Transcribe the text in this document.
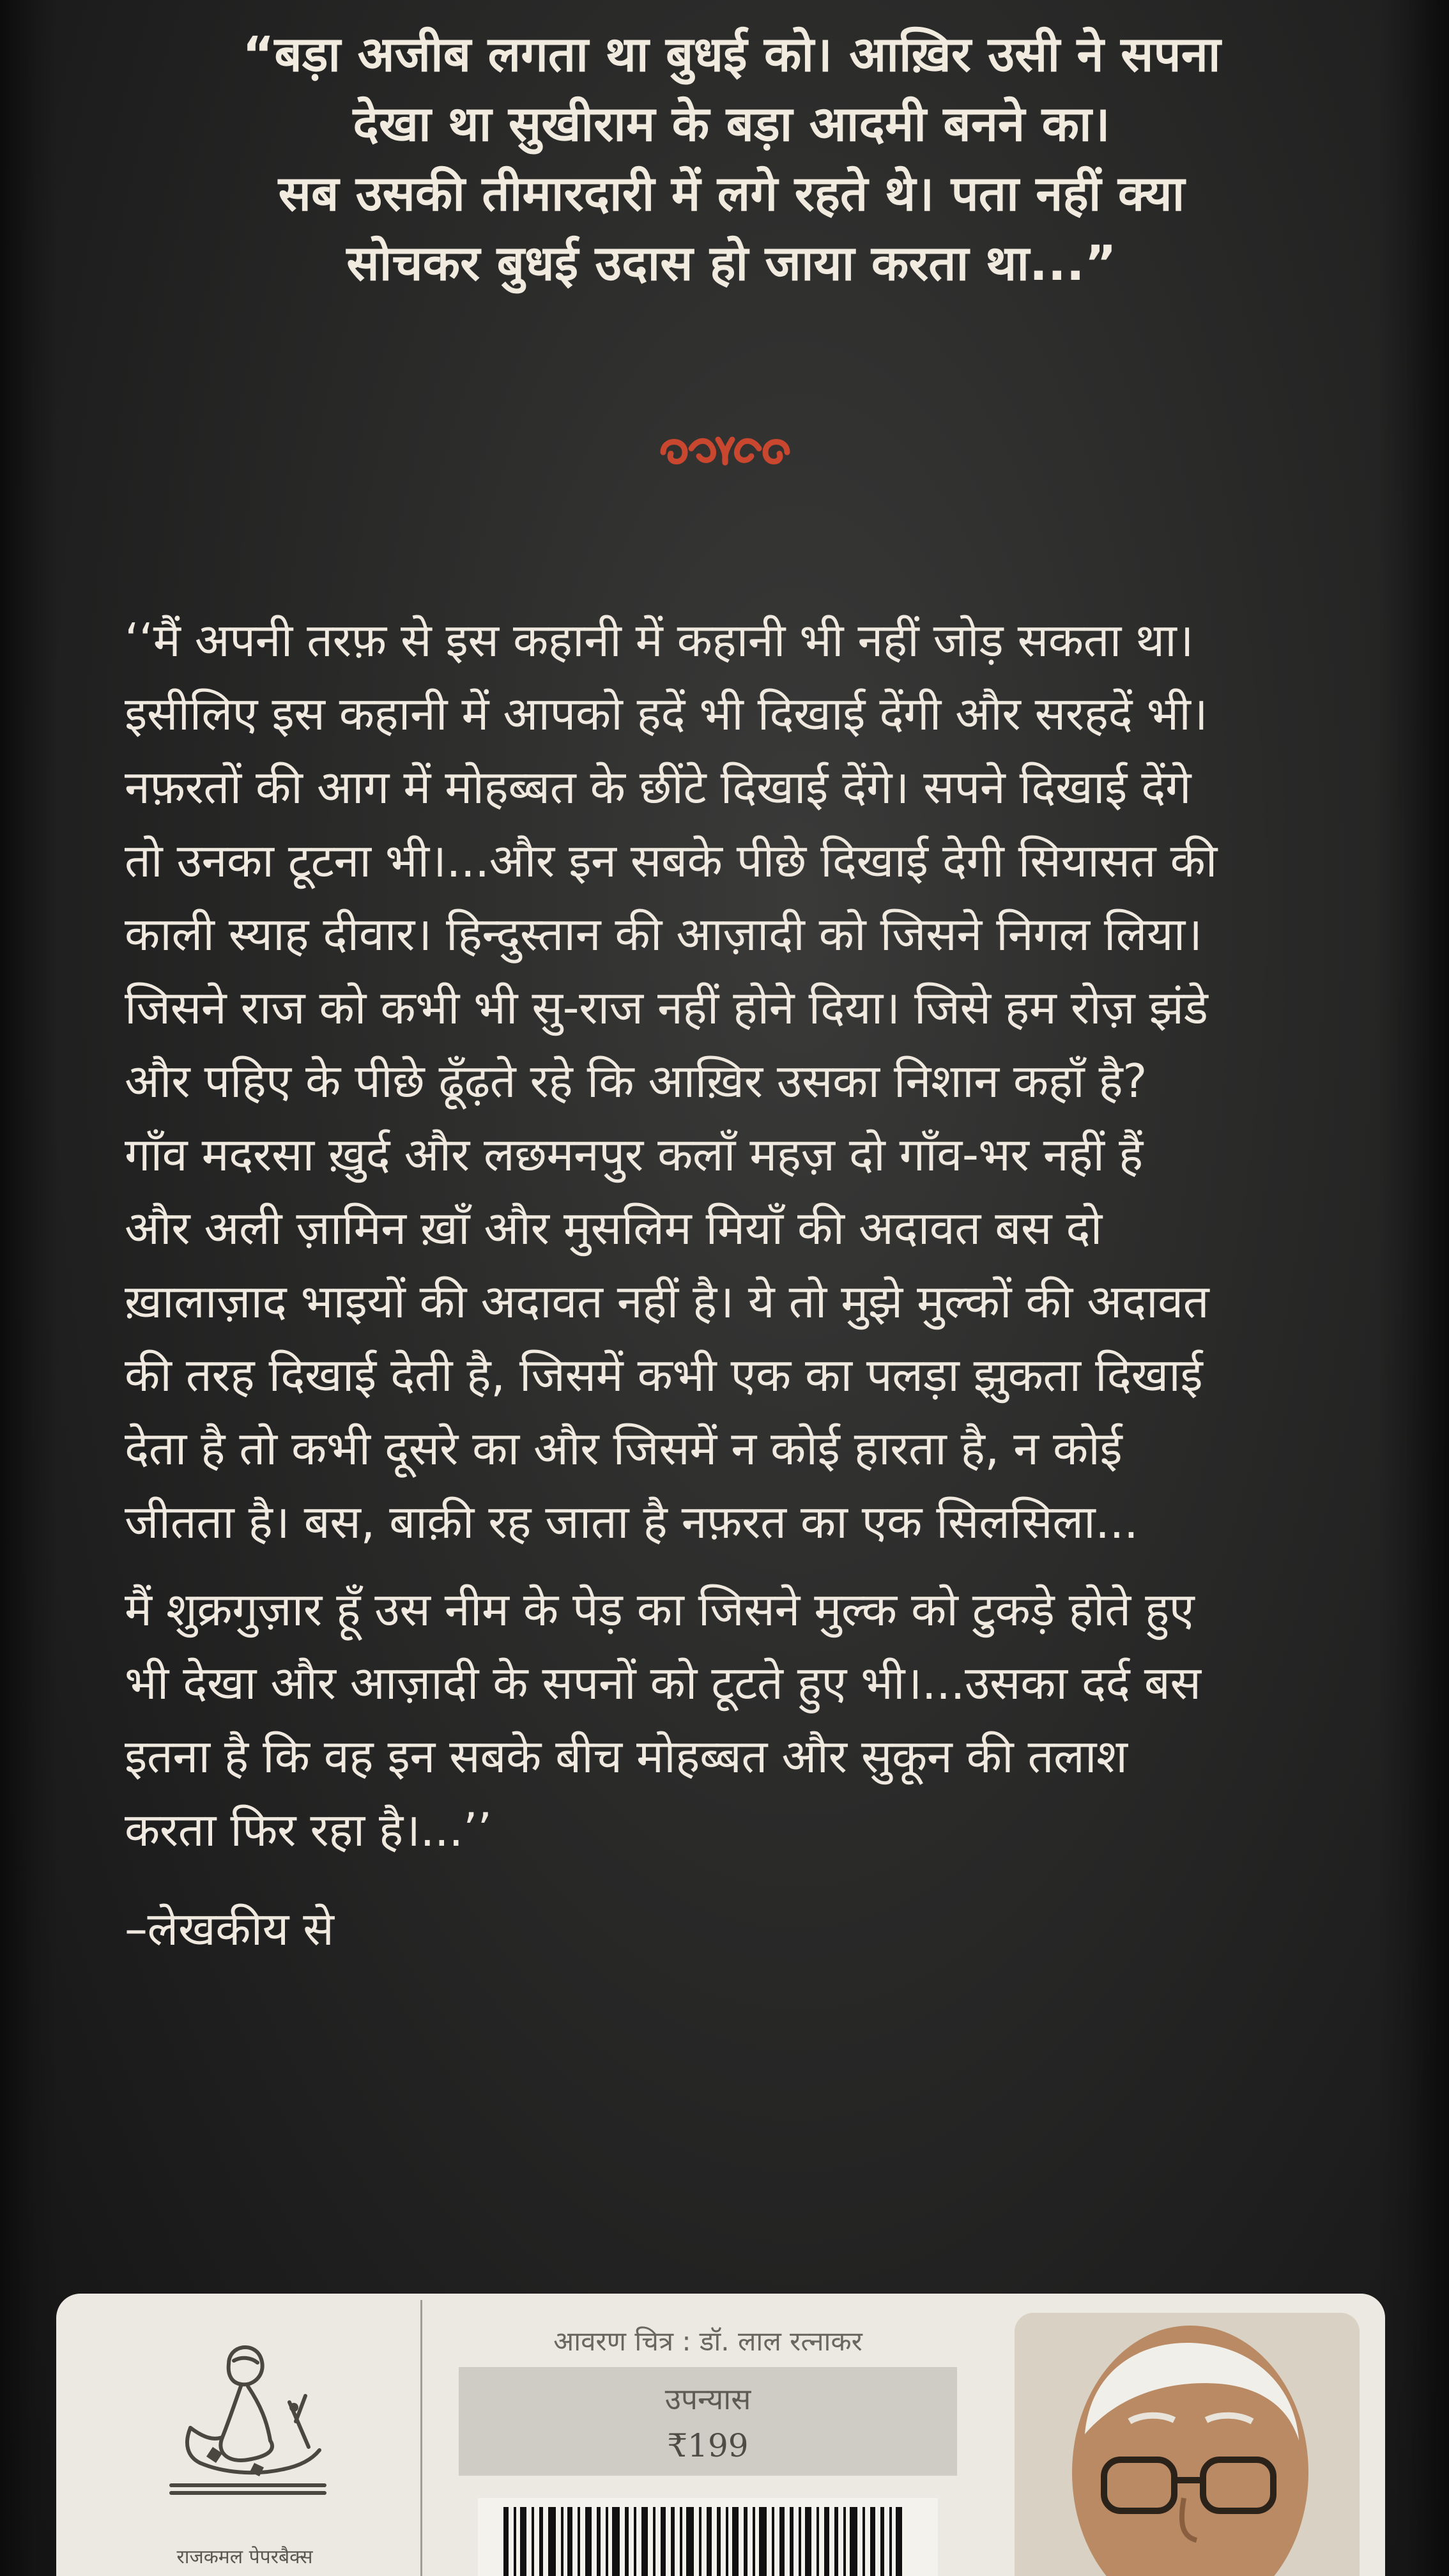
“बड़ा अजीब लगता था बुधई को। आख़िर उसी ने सपना
देखा था सुखीराम के बड़ा आदमी बनने का।
सब उसकी तीमारदारी में लगे रहते थे। पता नहीं क्या
सोचकर बुधई उदास हो जाया करता था...”
‘‘मैं अपनी तरफ़ से इस कहानी में कहानी भी नहीं जोड़ सकता था।
इसीलिए इस कहानी में आपको हदें भी दिखाई देंगी और सरहदें भी।
नफ़रतों की आग में मोहब्बत के छींटे दिखाई देंगे। सपने दिखाई देंगे
तो उनका टूटना भी।...और इन सबके पीछे दिखाई देगी सियासत की
काली स्याह दीवार। हिन्दुस्तान की आज़ादी को जिसने निगल लिया।
जिसने राज को कभी भी सु-राज नहीं होने दिया। जिसे हम रोज़ झंडे
और पहिए के पीछे ढूँढ़ते रहे कि आख़िर उसका निशान कहाँ है?
गाँव मदरसा ख़ुर्द और लछमनपुर कलाँ महज़ दो गाँव-भर नहीं हैं
और अली ज़ामिन ख़ाँ और मुसलिम मियाँ की अदावत बस दो
ख़ालाज़ाद भाइयों की अदावत नहीं है। ये तो मुझे मुल्कों की अदावत
की तरह दिखाई देती है, जिसमें कभी एक का पलड़ा झुकता दिखाई
देता है तो कभी दूसरे का और जिसमें न कोई हारता है, न कोई
जीतता है। बस, बाक़ी रह जाता है नफ़रत का एक सिलसिला...
मैं शुक्रगुज़ार हूँ उस नीम के पेड़ का जिसने मुल्क को टुकड़े होते हुए
भी देखा और आज़ादी के सपनों को टूटते हुए भी।...उसका दर्द बस
इतना है कि वह इन सबके बीच मोहब्बत और सुकून की तलाश
करता फिर रहा है।...’’
–लेखकीय से
राजकमल पेपरबैक्स
आवरण चित्र : डॉ. लाल रत्नाकर
उपन्यास
₹199
